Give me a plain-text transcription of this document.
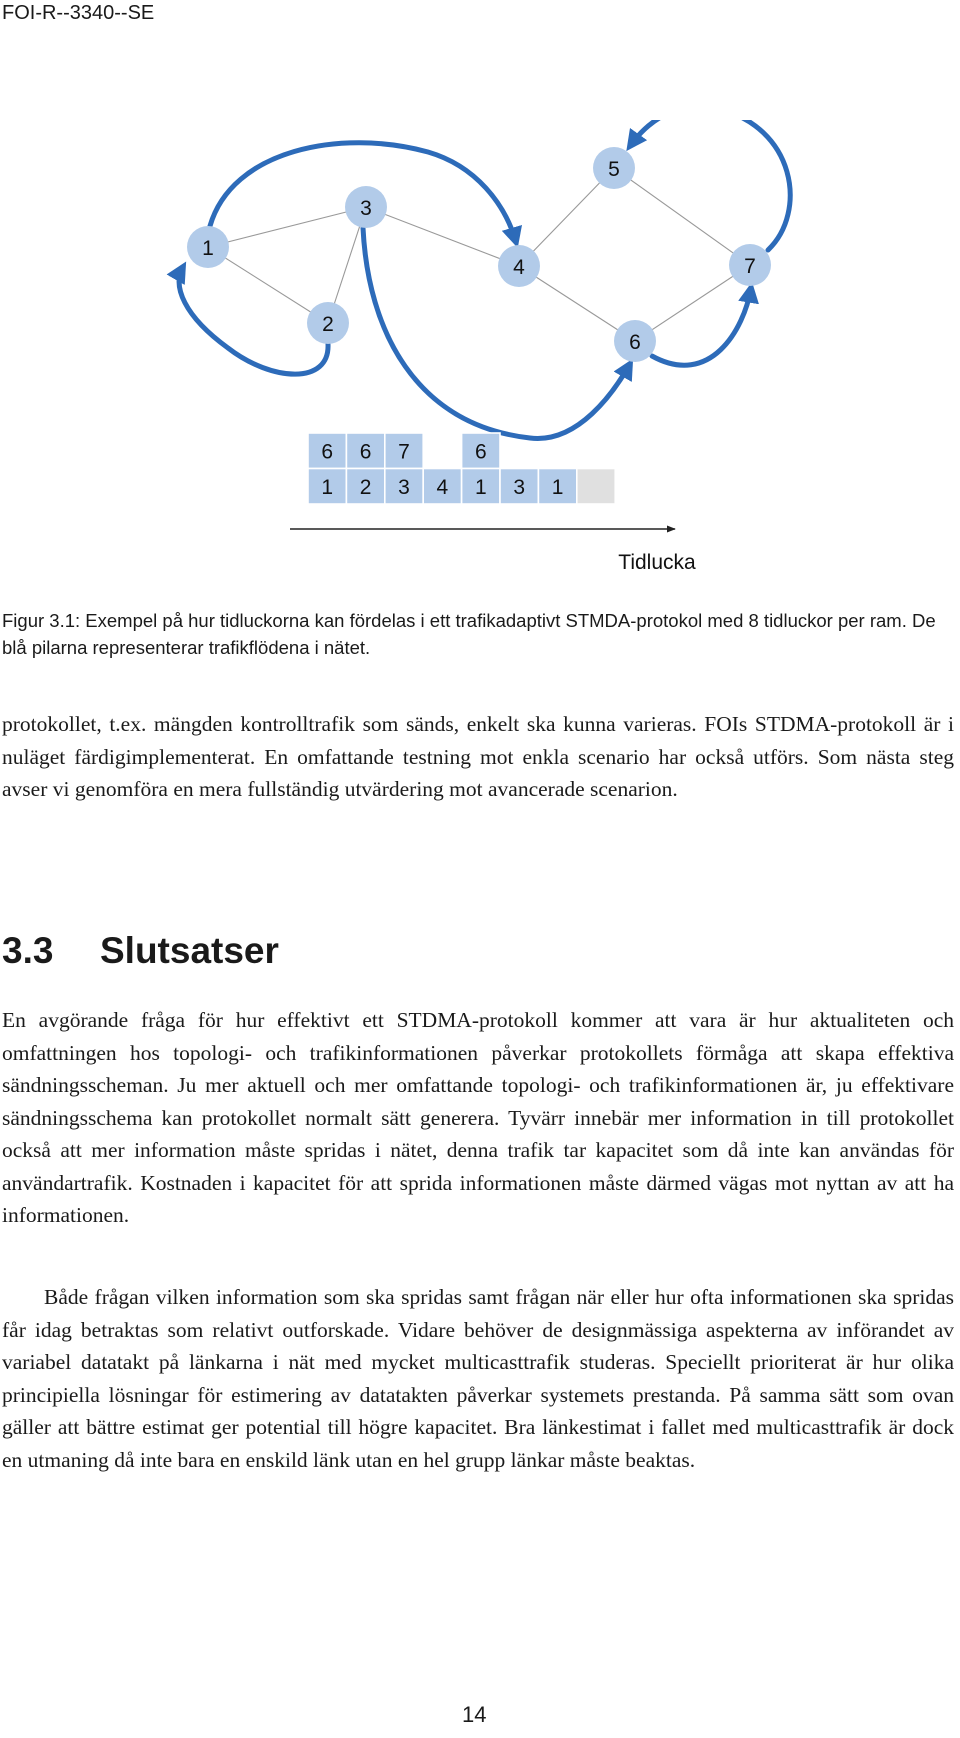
FOI-R--3340--SE
1
2
3
4
5
6
7
6 6 7	6
1 2 3 4 1 3 1
Tidlucka
Figur 3.1: Exempel på hur tidluckorna kan fördelas i ett trafikadaptivt STMDA-protokol med 8 tidluckor per ram. De blå pilarna representerar trafikflödena i nätet.

protokollet, t.ex. mängden kontrolltrafik som sänds, enkelt ska kunna varieras. FOIs STDMA-protokoll är i nuläget färdigimplementerat. En omfattande testning mot enkla scenario har också utförs. Som nästa steg avser vi genomföra en mera fullständig utvärdering mot avancerade scenarion.

3.3 Slutsatser

En avgörande fråga för hur effektivt ett STDMA-protokoll kommer att vara är hur aktualiteten och omfattningen hos topologi- och trafikinformationen påverkar protokollets förmåga att skapa effektiva sändningsscheman. Ju mer aktuell och mer omfattande topologi- och trafikinformationen är, ju effektivare sändningsschema kan protokollet normalt sätt generera. Tyvärr innebär mer information in till protokollet också att mer information måste spridas i nätet, denna trafik tar kapacitet som då inte kan användas för användartrafik. Kostnaden i kapacitet för att sprida informationen måste därmed vägas mot nyttan av att ha informationen.

Både frågan vilken information som ska spridas samt frågan när eller hur ofta informationen ska spridas får idag betraktas som relativt outforskade. Vidare behöver de designmässiga aspekterna av införandet av variabel datatakt på länkarna i nät med mycket multicasttrafik studeras. Speciellt prioriterat är hur olika principiella lösningar för estimering av datatakten påverkar systemets prestanda. På samma sätt som ovan gäller att bättre estimat ger potential till högre kapacitet. Bra länkestimat i fallet med multicasttrafik är dock en utmaning då inte bara en enskild länk utan en hel grupp länkar måste beaktas.

14
